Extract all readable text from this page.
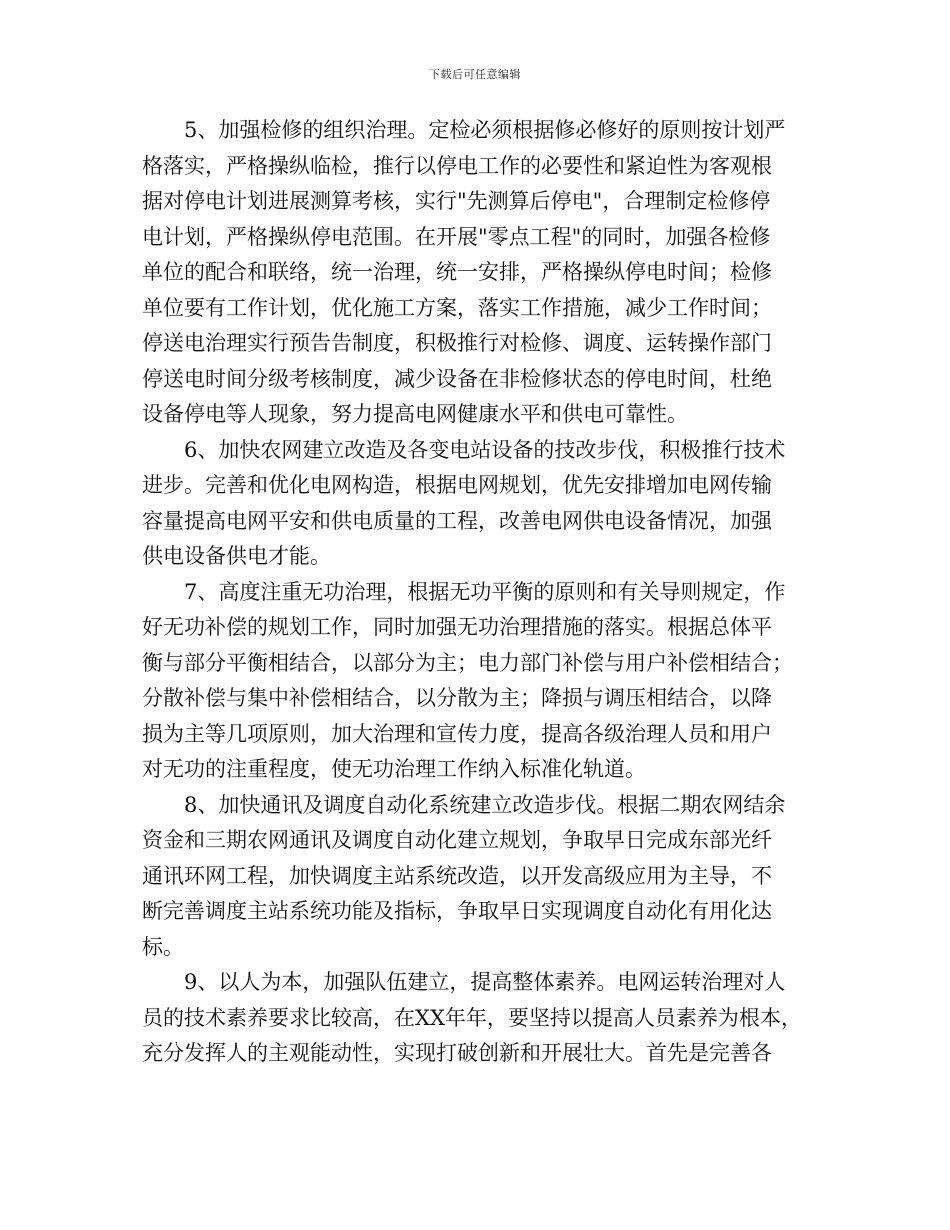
下载后可任意编辑
5、加强检修的组织治理。定检必须根据修必修好的原则按计划严
格落实，严格操纵临检，推行以停电工作的必要性和紧迫性为客观根
据对停电计划进展测算考核，实行"先测算后停电"，合理制定检修停
电计划，严格操纵停电范围。在开展"零点工程"的同时，加强各检修
单位的配合和联络，统一治理，统一安排，严格操纵停电时间；检修
单位要有工作计划，优化施工方案，落实工作措施，减少工作时间；
停送电治理实行预告告制度，积极推行对检修、调度、运转操作部门
停送电时间分级考核制度，减少设备在非检修状态的停电时间，杜绝
设备停电等人现象，努力提高电网健康水平和供电可靠性。
6、加快农网建立改造及各变电站设备的技改步伐，积极推行技术
进步。完善和优化电网构造，根据电网规划，优先安排增加电网传输
容量提高电网平安和供电质量的工程，改善电网供电设备情况，加强
供电设备供电才能。
7、高度注重无功治理，根据无功平衡的原则和有关导则规定，作
好无功补偿的规划工作，同时加强无功治理措施的落实。根据总体平
衡与部分平衡相结合，以部分为主；电力部门补偿与用户补偿相结合；
分散补偿与集中补偿相结合，以分散为主；降损与调压相结合，以降
损为主等几项原则，加大治理和宣传力度，提高各级治理人员和用户
对无功的注重程度，使无功治理工作纳入标准化轨道。
8、加快通讯及调度自动化系统建立改造步伐。根据二期农网结余
资金和三期农网通讯及调度自动化建立规划，争取早日完成东部光纤
通讯环网工程，加快调度主站系统改造，以开发高级应用为主导，不
断完善调度主站系统功能及指标，争取早日实现调度自动化有用化达
标。
9、以人为本，加强队伍建立，提高整体素养。电网运转治理对人
员的技术素养要求比较高，在XX年年，要坚持以提高人员素养为根本，
充分发挥人的主观能动性，实现打破创新和开展壮大。首先是完善各
